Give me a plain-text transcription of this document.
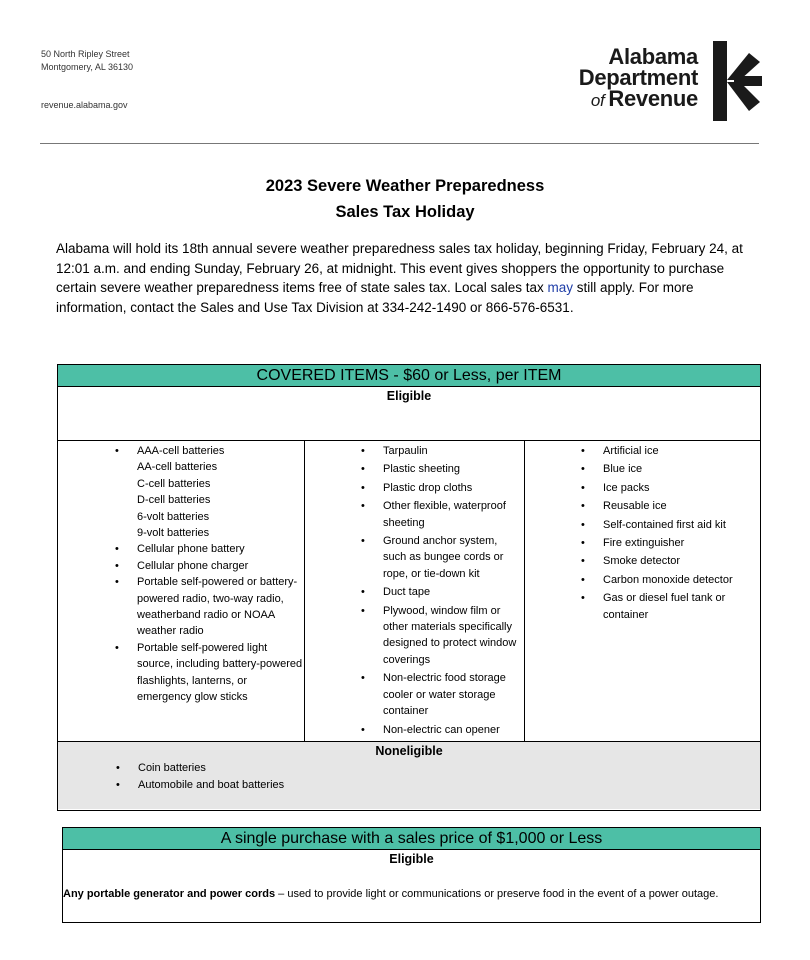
50 North Ripley Street
Montgomery, AL 36130
revenue.alabama.gov
Alabama
Department
of Revenue
2023 Severe Weather Preparedness
Sales Tax Holiday
Alabama will hold its 18th annual severe weather preparedness sales tax holiday, beginning Friday, February 24, at 12:01 a.m. and ending Sunday, February 26, at midnight. This event gives shoppers the opportunity to purchase certain severe weather preparedness items free of state sales tax. Local sales tax may still apply. For more information, contact the Sales and Use Tax Division at 334-242-1490 or 866-576-6531.
COVERED ITEMS - $60 or Less, per ITEM
Eligible
• AAA-cell batteries
AA-cell batteries
C-cell batteries
D-cell batteries
6-volt batteries
9-volt batteries
• Cellular phone battery
• Cellular phone charger
• Portable self-powered or battery-powered radio, two-way radio, weatherband radio or NOAA weather radio
• Portable self-powered light source, including battery-powered flashlights, lanterns, or emergency glow sticks
• Tarpaulin
• Plastic sheeting
• Plastic drop cloths
• Other flexible, waterproof sheeting
• Ground anchor system, such as bungee cords or rope, or tie-down kit
• Duct tape
• Plywood, window film or other materials specifically designed to protect window coverings
• Non-electric food storage cooler or water storage container
• Non-electric can opener
• Artificial ice
• Blue ice
• Ice packs
• Reusable ice
• Self-contained first aid kit
• Fire extinguisher
• Smoke detector
• Carbon monoxide detector
• Gas or diesel fuel tank or container
Noneligible
• Coin batteries
• Automobile and boat batteries
A single purchase with a sales price of $1,000 or Less
Eligible
Any portable generator and power cords – used to provide light or communications or preserve food in the event of a power outage.
